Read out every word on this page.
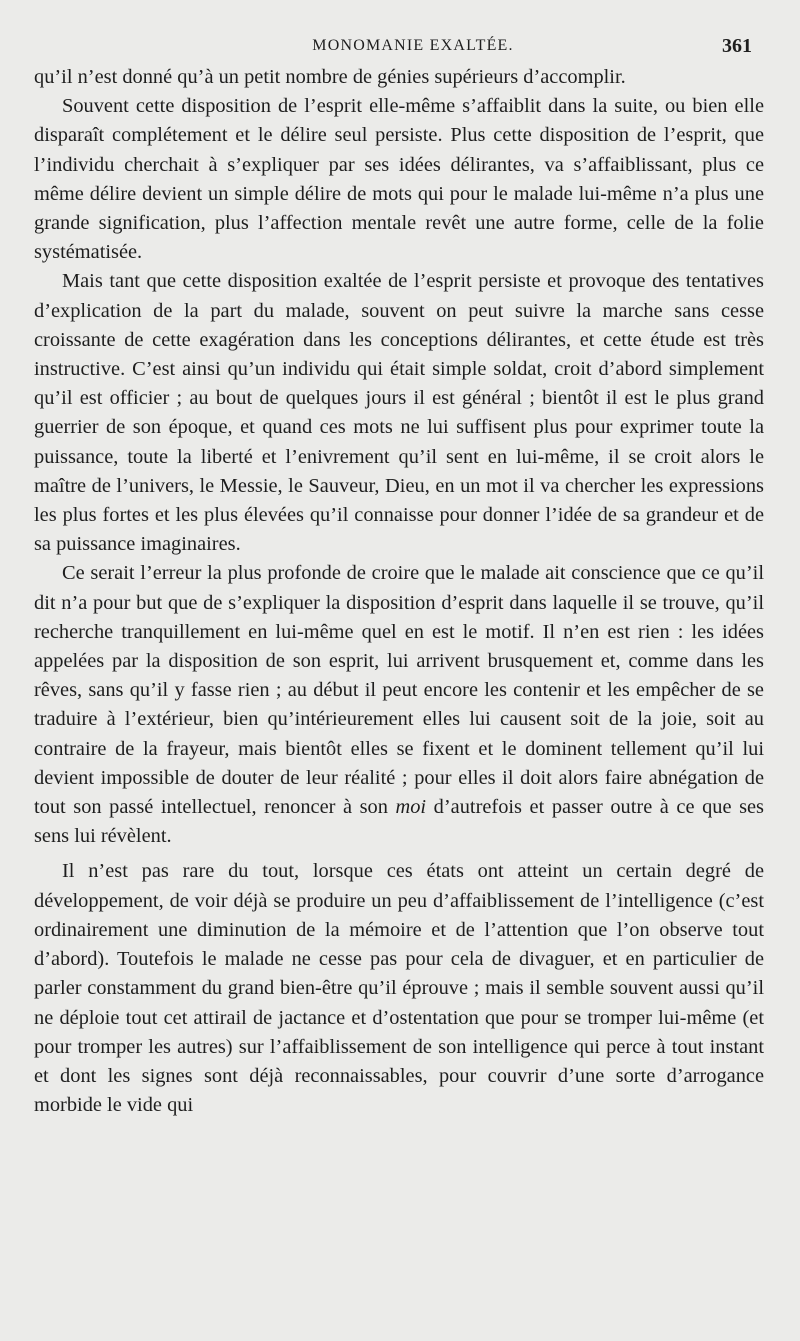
MONOMANIE EXALTÉE.	361

qu’il n’est donné qu’à un petit nombre de génies supérieurs d’accomplir.

Souvent cette disposition de l’esprit elle-même s’affaiblit dans la suite, ou bien elle disparaît complétement et le délire seul persiste. Plus cette disposition de l’esprit, que l’individu cherchait à s’expliquer par ses idées délirantes, va s’affaiblissant, plus ce même délire devient un simple délire de mots qui pour le malade lui-même n’a plus une grande signification, plus l’affection mentale revêt une autre forme, celle de la folie systématisée.

Mais tant que cette disposition exaltée de l’esprit persiste et provoque des tentatives d’explication de la part du malade, souvent on peut suivre la marche sans cesse croissante de cette exagération dans les conceptions délirantes, et cette étude est très instructive. C’est ainsi qu’un individu qui était simple soldat, croit d’abord simplement qu’il est officier ; au bout de quelques jours il est général ; bientôt il est le plus grand guerrier de son époque, et quand ces mots ne lui suffisent plus pour exprimer toute la puissance, toute la liberté et l’enivrement qu’il sent en lui-même, il se croit alors le maître de l’univers, le Messie, le Sauveur, Dieu, en un mot il va chercher les expressions les plus fortes et les plus élevées qu’il connaisse pour donner l’idée de sa grandeur et de sa puissance imaginaires.

Ce serait l’erreur la plus profonde de croire que le malade ait conscience que ce qu’il dit n’a pour but que de s’expliquer la disposition d’esprit dans laquelle il se trouve, qu’il recherche tranquillement en lui-même quel en est le motif. Il n’en est rien : les idées appelées par la disposition de son esprit, lui arrivent brusquement et, comme dans les rêves, sans qu’il y fasse rien ; au début il peut encore les contenir et les empêcher de se traduire à l’extérieur, bien qu’intérieurement elles lui causent soit de la joie, soit au contraire de la frayeur, mais bientôt elles se fixent et le dominent tellement qu’il lui devient impossible de douter de leur réalité ; pour elles il doit alors faire abnégation de tout son passé intellectuel, renoncer à son moi d’autrefois et passer outre à ce que ses sens lui révèlent.

Il n’est pas rare du tout, lorsque ces états ont atteint un certain degré de développement, de voir déjà se produire un peu d’affaiblissement de l’intelligence (c’est ordinairement une diminution de la mémoire et de l’attention que l’on observe tout d’abord). Toutefois le malade ne cesse pas pour cela de divaguer, et en particulier de parler constamment du grand bien-être qu’il éprouve ; mais il semble souvent aussi qu’il ne déploie tout cet attirail de jactance et d’ostentation que pour se tromper lui-même (et pour tromper les autres) sur l’affaiblissement de son intelligence qui perce à tout instant et dont les signes sont déjà reconnaissables, pour couvrir d’une sorte d’arrogance morbide le vide qui
